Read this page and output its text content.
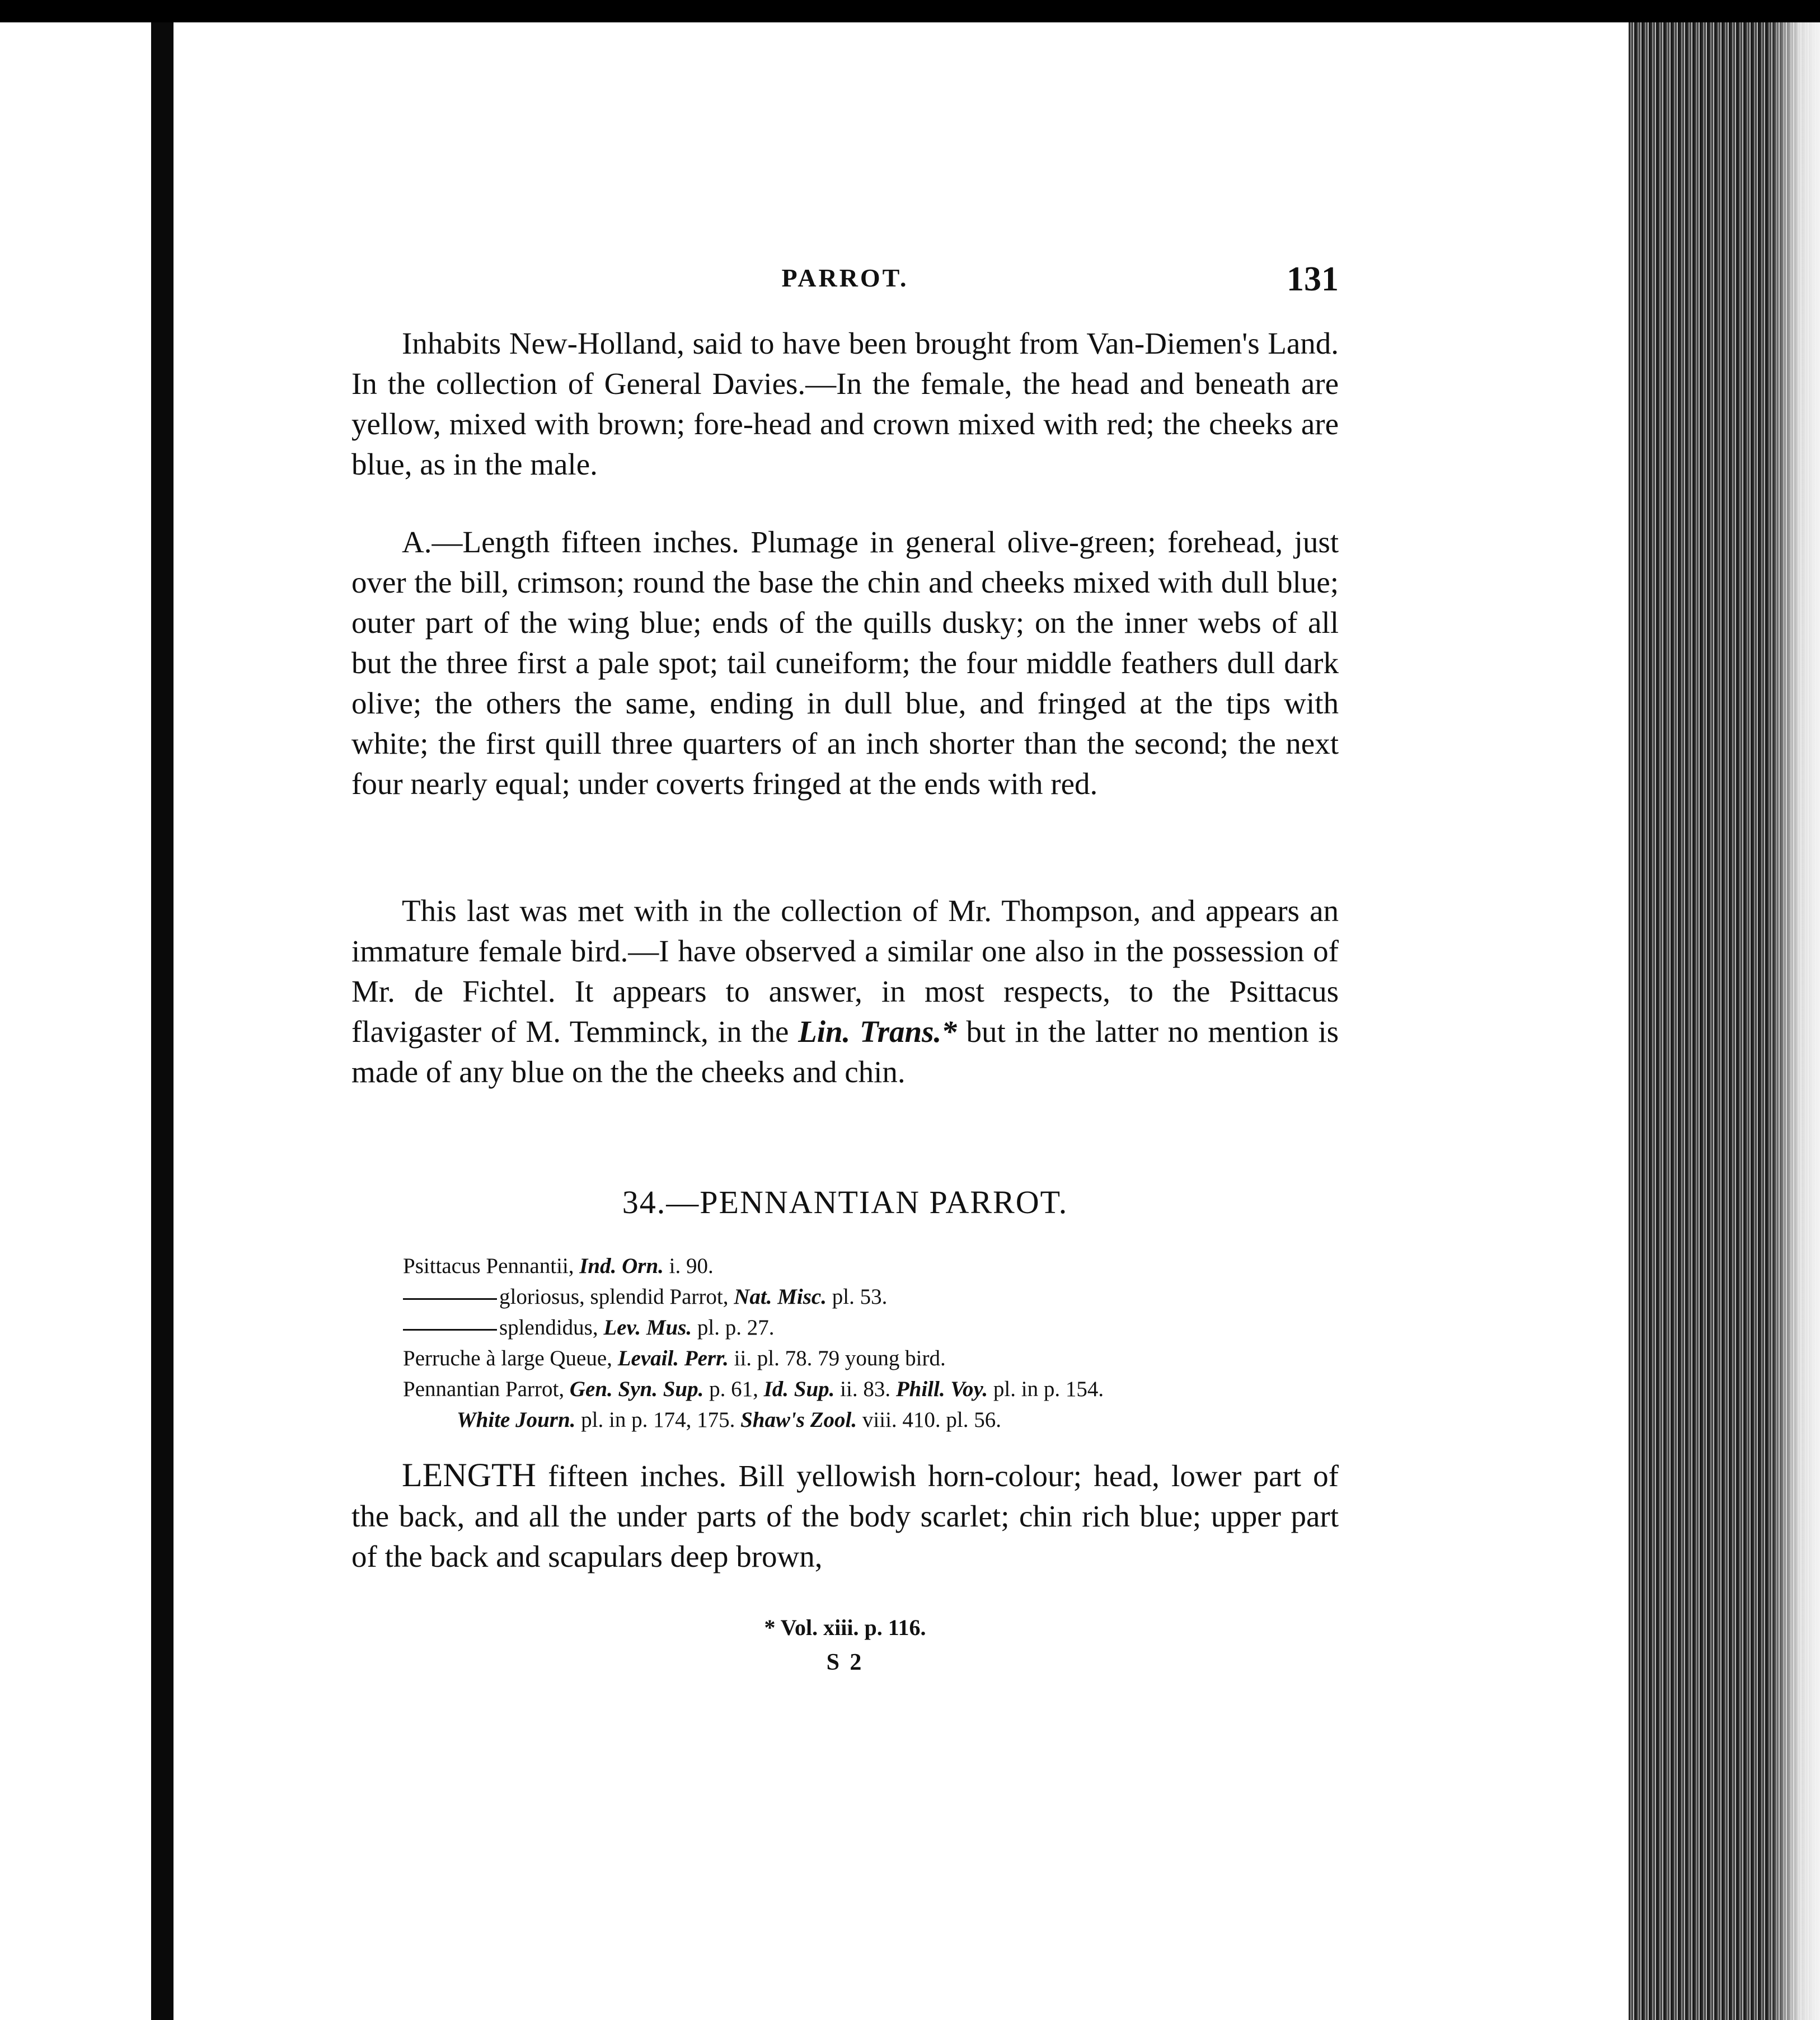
PARROT.	131

Inhabits New-Holland, said to have been brought from Van-Diemen's Land. In the collection of General Davies.—In the female, the head and beneath are yellow, mixed with brown; fore-head and crown mixed with red; the cheeks are blue, as in the male.

A.—Length fifteen inches. Plumage in general olive-green; forehead, just over the bill, crimson; round the base the chin and cheeks mixed with dull blue; outer part of the wing blue; ends of the quills dusky; on the inner webs of all but the three first a pale spot; tail cuneiform; the four middle feathers dull dark olive; the others the same, ending in dull blue, and fringed at the tips with white; the first quill three quarters of an inch shorter than the second; the next four nearly equal; under coverts fringed at the ends with red.

This last was met with in the collection of Mr. Thompson, and appears an immature female bird.—I have observed a similar one also in the possession of Mr. de Fichtel. It appears to answer, in most respects, to the Psittacus flavigaster of M. Temminck, in the Lin. Trans.* but in the latter no mention is made of any blue on the the cheeks and chin.

34.—PENNANTIAN PARROT.
Psittacus Pennantii, Ind. Orn. i. 90.
gloriosus, splendid Parrot, Nat. Misc. pl. 53.
splendidus, Lev. Mus. pl. p. 27.
Perruche à large Queue, Levail. Perr. ii. pl. 78. 79 young bird.
Pennantian Parrot, Gen. Syn. Sup. p. 61, Id. Sup. ii. 83. Phill. Voy. pl. in p. 154.
White Journ. pl. in p. 174, 175. Shaw's Zool. viii. 410. pl. 56.

LENGTH fifteen inches. Bill yellowish horn-colour; head, lower part of the back, and all the under parts of the body scarlet; chin rich blue; upper part of the back and scapulars deep brown,

* Vol. xiii. p. 116.
S 2
